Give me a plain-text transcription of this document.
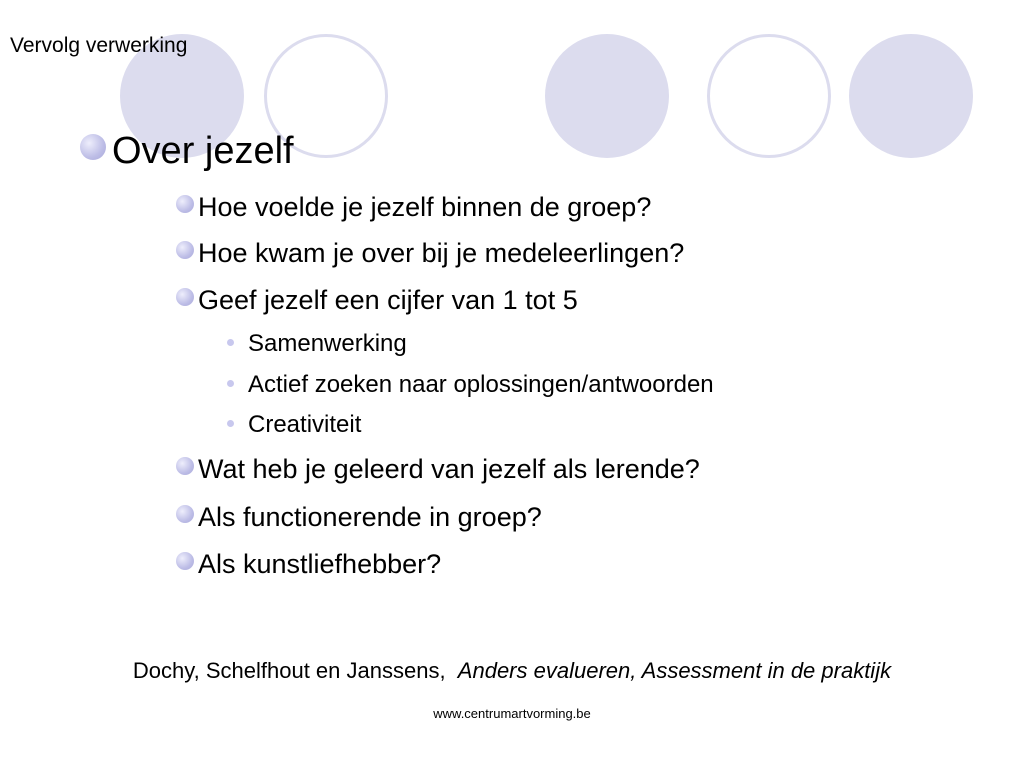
Vervolg verwerking
Over jezelf
Hoe voelde je jezelf binnen de groep?
Hoe kwam je over bij je medeleerlingen?
Geef jezelf een cijfer van 1 tot 5
Samenwerking
Actief zoeken naar oplossingen/antwoorden
Creativiteit
Wat heb je geleerd van jezelf als lerende?
Als functionerende in groep?
Als kunstliefhebber?
Dochy, Schelfhout en Janssens, Anders evalueren, Assessment in de praktijk
www.centrumartvorming.be
